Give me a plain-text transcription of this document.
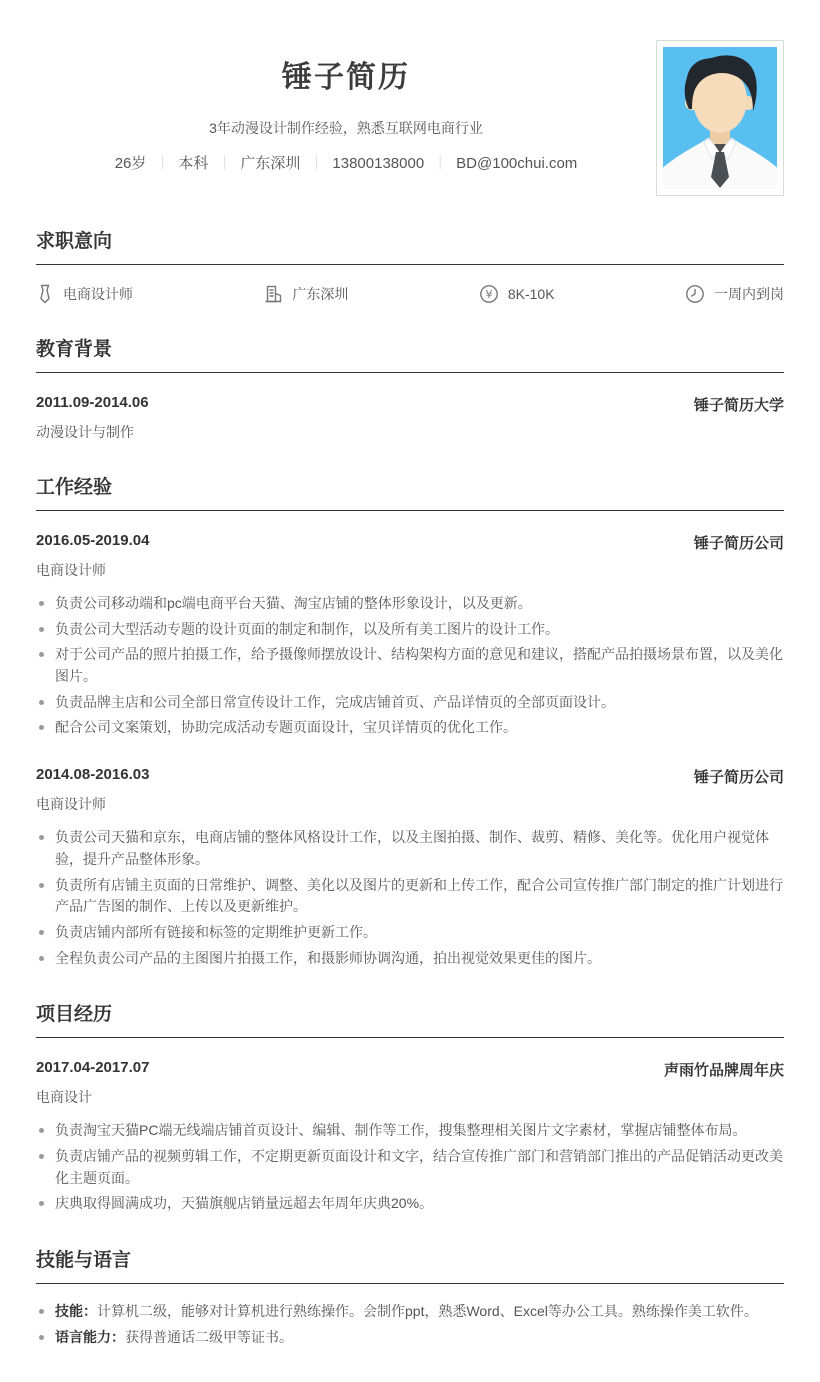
锤子简历
3年动漫设计制作经验，熟悉互联网电商行业
26岁 ｜ 本科 ｜ 广东深圳 ｜ 13800138000 ｜ BD@100chui.com
求职意向
电商设计师	广东深圳	¥ 8K-10K	一周内到岗
教育背景
2011.09-2014.06	锤子简历大学
动漫设计与制作
工作经验
2016.05-2019.04	锤子简历公司
电商设计师
负责公司移动端和pc端电商平台天猫、淘宝店铺的整体形象设计，以及更新。
负责公司大型活动专题的设计页面的制定和制作，以及所有美工图片的设计工作。
对于公司产品的照片拍摄工作，给予摄像师摆放设计、结构架构方面的意见和建议，搭配产品拍摄场景布置，以及美化图片。
负责品牌主店和公司全部日常宣传设计工作，完成店铺首页、产品详情页的全部页面设计。
配合公司文案策划，协助完成活动专题页面设计，宝贝详情页的优化工作。
2014.08-2016.03	锤子简历公司
电商设计师
负责公司天猫和京东，电商店铺的整体风格设计工作，以及主图拍摄、制作、裁剪、精修、美化等。优化用户视觉体验，提升产品整体形象。
负责所有店铺主页面的日常维护、调整、美化以及图片的更新和上传工作，配合公司宣传推广部门制定的推广计划进行产品广告图的制作、上传以及更新维护。
负责店铺内部所有链接和标签的定期维护更新工作。
全程负责公司产品的主图图片拍摄工作，和摄影师协调沟通，拍出视觉效果更佳的图片。
项目经历
2017.04-2017.07	声雨竹品牌周年庆
电商设计
负责淘宝天猫PC端无线端店铺首页设计、编辑、制作等工作，搜集整理相关图片文字素材，掌握店铺整体布局。
负责店铺产品的视频剪辑工作，不定期更新页面设计和文字，结合宣传推广部门和营销部门推出的产品促销活动更改美化主题页面。
庆典取得圆满成功，天猫旗舰店销量远超去年周年庆典20%。
技能与语言
技能：计算机二级，能够对计算机进行熟练操作。会制作ppt，熟悉Word、Excel等办公工具。熟练操作美工软件。
语言能力：获得普通话二级甲等证书。
